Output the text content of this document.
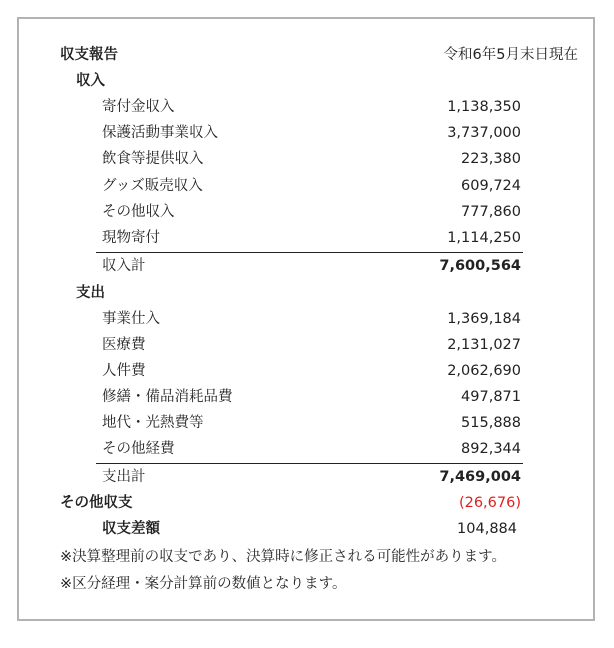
収支報告	令和6年5月末日現在
収入
寄付金収入	1,138,350
保護活動事業収入	3,737,000
飲食等提供収入	223,380
グッズ販売収入	609,724
その他収入	777,860
現物寄付	1,114,250
収入計	7,600,564
支出
事業仕入	1,369,184
医療費	2,131,027
人件費	2,062,690
修繕・備品消耗品費	497,871
地代・光熱費等	515,888
その他経費	892,344
支出計	7,469,004
その他収支	(26,676)
収支差額	104,884
※決算整理前の収支であり、決算時に修正される可能性があります。
※区分経理・案分計算前の数値となります。
